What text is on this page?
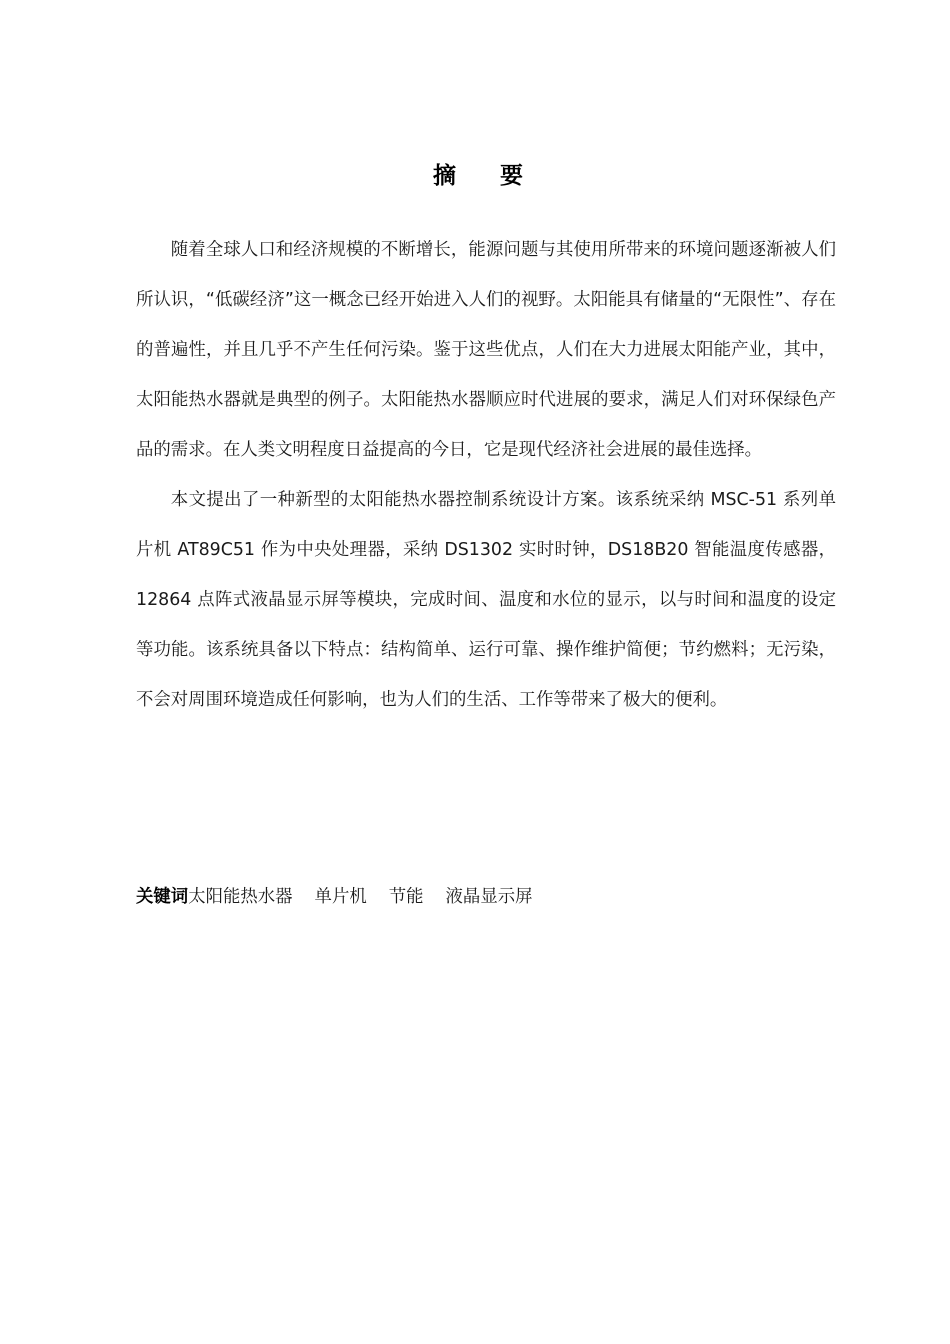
摘 要

随着全球人口和经济规模的不断增长，能源问题与其使用所带来的环境问题逐渐被人们所认识，“低碳经济”这一概念已经开始进入人们的视野。太阳能具有储量的“无限性”、存在的普遍性，并且几乎不产生任何污染。鉴于这些优点，人们在大力进展太阳能产业，其中，太阳能热水器就是典型的例子。太阳能热水器顺应时代进展的要求，满足人们对环保绿色产品的需求。在人类文明程度日益提高的今日，它是现代经济社会进展的最佳选择。

本文提出了一种新型的太阳能热水器控制系统设计方案。该系统采纳 MSC-51 系列单片机 AT89C51 作为中央处理器，采纳 DS1302 实时时钟，DS18B20 智能温度传感器，12864 点阵式液晶显示屏等模块，完成时间、温度和水位的显示，以与时间和温度的设定等功能。该系统具备以下特点：结构简单、运行可靠、操作维护简便；节约燃料；无污染，不会对周围环境造成任何影响，也为人们的生活、工作等带来了极大的便利。

关键词太阳能热水器 单片机 节能 液晶显示屏
